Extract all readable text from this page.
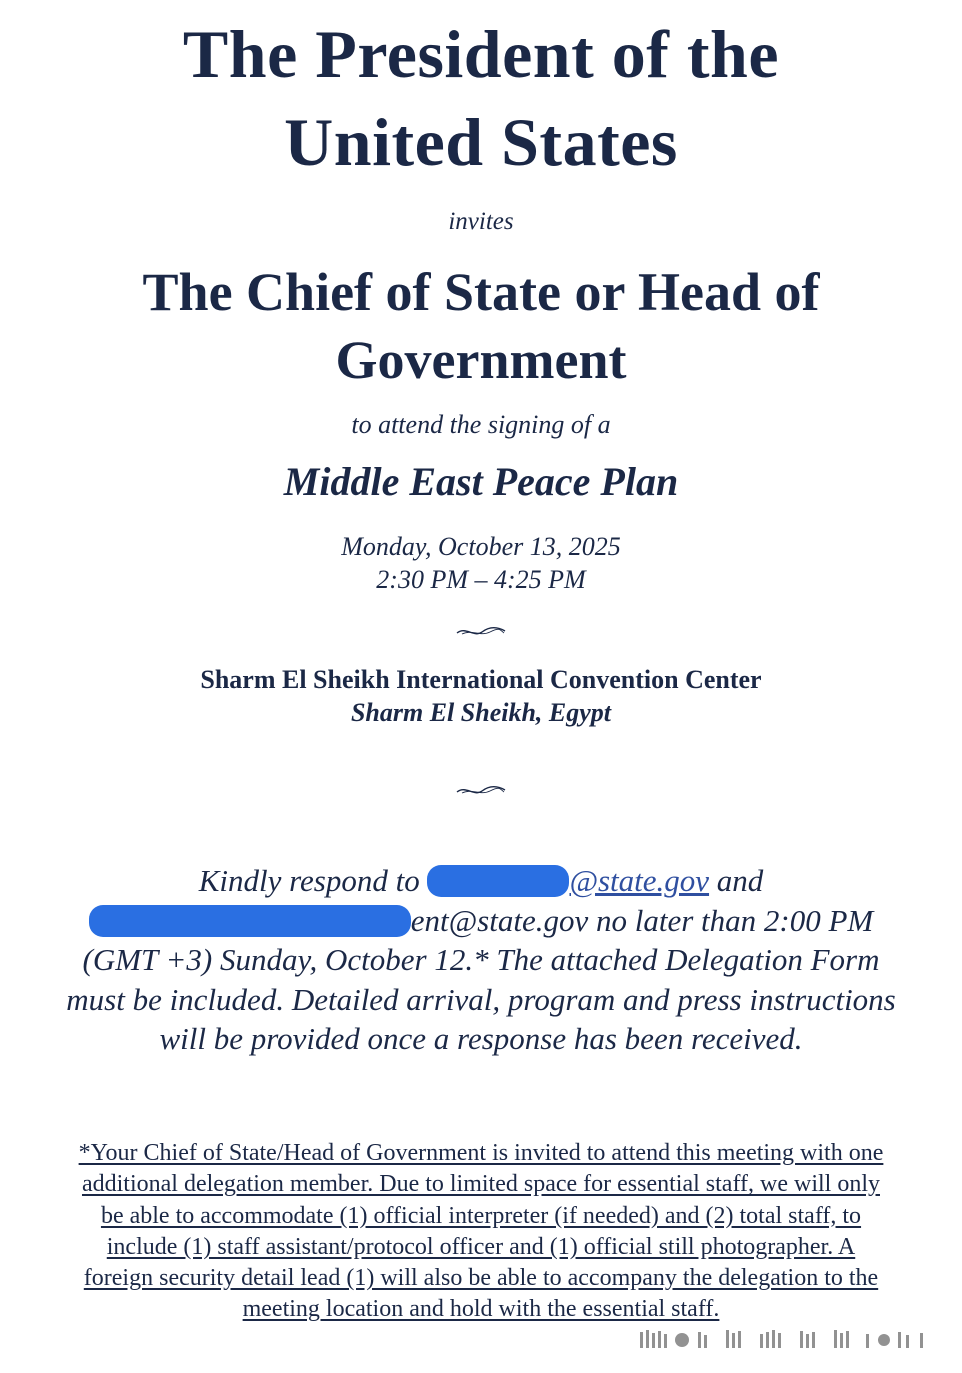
The President of the
United States
invites
The Chief of State or Head of
Government
to attend the signing of a
Middle East Peace Plan
Monday, October 13, 2025
2:30 PM – 4:25 PM
Sharm El Sheikh International Convention Center
Sharm El Sheikh, Egypt
Kindly respond to	@state.gov and ent@state.gov no later than 2:00 PM (GMT +3) Sunday, October 12.* The attached Delegation Form must be included. Detailed arrival, program and press instructions will be provided once a response has been received.
*Your Chief of State/Head of Government is invited to attend this meeting with one additional delegation member. Due to limited space for essential staff, we will only be able to accommodate (1) official interpreter (if needed) and (2) total staff, to include (1) staff assistant/protocol officer and (1) official still photographer. A foreign security detail lead (1) will also be able to accompany the delegation to the meeting location and hold with the essential staff.
